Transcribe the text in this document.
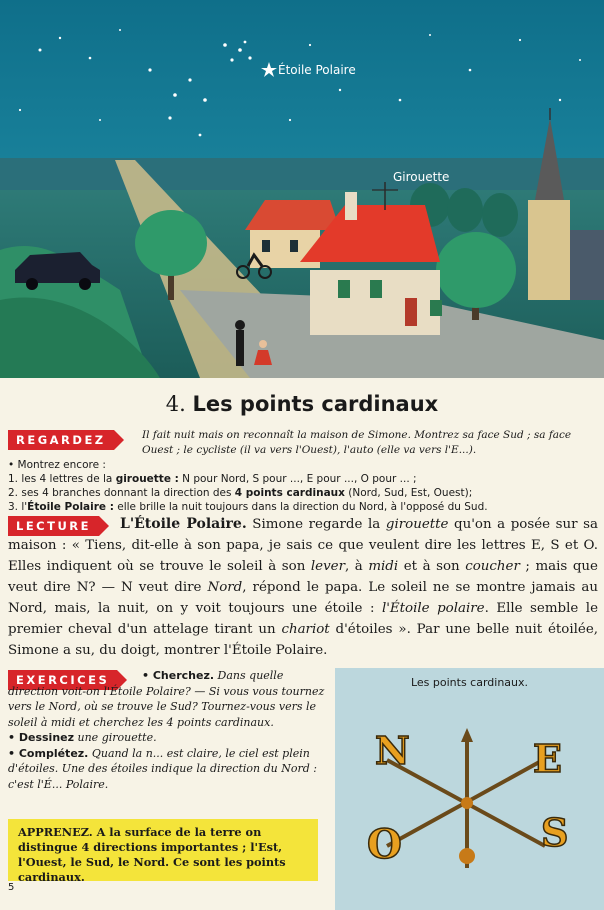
Étoile Polaire
Girouette
4. Les points cardinaux
REGARDEZ	Il fait nuit mais on reconnaît la maison de Simone. Montrez sa face Sud ; sa face Ouest ; le cycliste (il va vers l'Ouest), l'auto (elle va vers l'E...).
• Montrez encore :
1. les 4 lettres de la girouette : N pour Nord, S pour ..., E pour ..., O pour ... ;
2. ses 4 branches donnant la direction des 4 points cardinaux (Nord, Sud, Est, Ouest);
3. l'Étoile Polaire : elle brille la nuit toujours dans la direction du Nord, à l'opposé du Sud.
LECTURE	L'Étoile Polaire. Simone regarde la girouette qu'on a posée sur sa maison : « Tiens, dit-elle à son papa, je sais ce que veulent dire les lettres E, S et O. Elles indiquent où se trouve le soleil à son lever, à midi et à son coucher ; mais que veut dire N? — N veut dire Nord, répond le papa. Le soleil ne se montre jamais au Nord, mais, la nuit, on y voit toujours une étoile : l'Étoile polaire. Elle semble le premier cheval d'un attelage tirant un chariot d'étoiles ». Par une belle nuit étoilée, Simone a su, du doigt, montrer l'Étoile Polaire.
EXERCICES	• Cherchez. Dans quelle direction voit-on l'Étoile Polaire? — Si vous vous tournez vers le Nord, où se trouve le Sud? Tournez-vous vers le soleil à midi et cherchez les 4 points cardinaux.

• Dessinez une girouette.

• Complétez. Quand la n... est claire, le ciel est plein d'étoiles. Une des étoiles indique la direction du Nord : c'est l'É... Polaire.

Les points cardinaux.
N	E
S
O
APPRENEZ. A la surface de la terre on distingue 4 directions importantes ; l'Est, l'Ouest, le Sud, le Nord. Ce sont les points cardinaux.
5
